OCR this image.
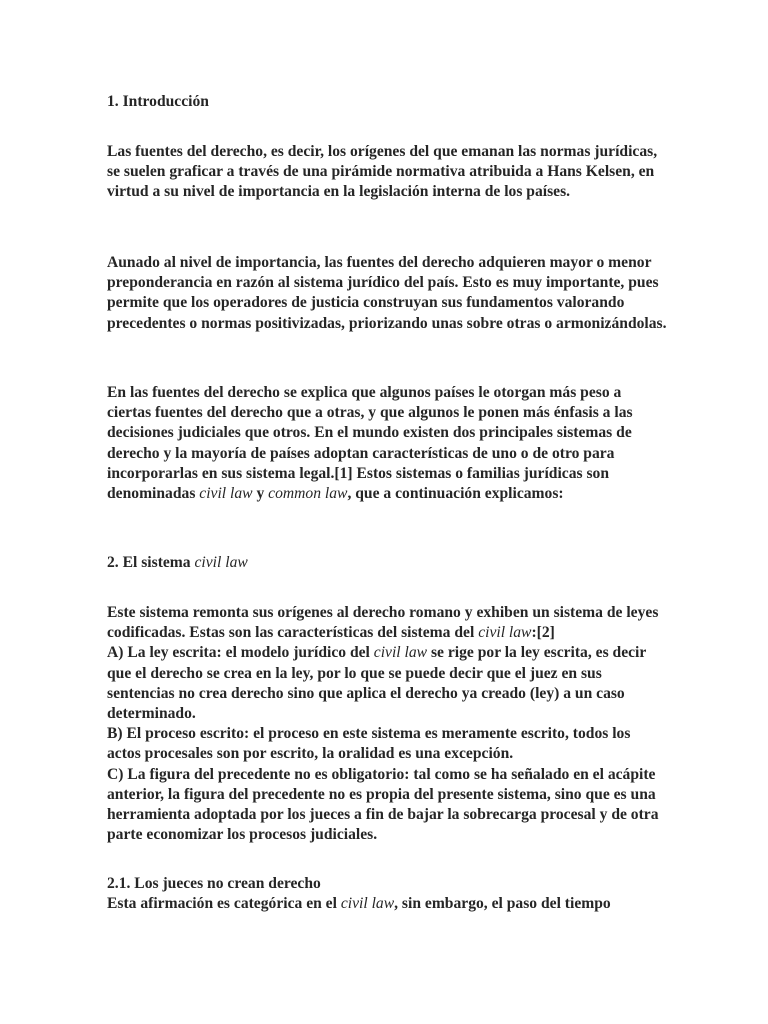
1. Introducción

Las fuentes del derecho, es decir, los orígenes del que emanan las normas jurídicas, se suelen graficar a través de una pirámide normativa atribuida a Hans Kelsen, en virtud a su nivel de importancia en la legislación interna de los países.

Aunado al nivel de importancia, las fuentes del derecho adquieren mayor o menor preponderancia en razón al sistema jurídico del país. Esto es muy importante, pues permite que los operadores de justicia construyan sus fundamentos valorando precedentes o normas positivizadas, priorizando unas sobre otras o armonizándolas.

En las fuentes del derecho se explica que algunos países le otorgan más peso a ciertas fuentes del derecho que a otras, y que algunos le ponen más énfasis a las decisiones judiciales que otros. En el mundo existen dos principales sistemas de derecho y la mayoría de países adoptan características de uno o de otro para incorporarlas en sus sistema legal.[1] Estos sistemas o familias jurídicas son denominadas civil law y common law, que a continuación explicamos:

2. El sistema civil law

Este sistema remonta sus orígenes al derecho romano y exhiben un sistema de leyes codificadas. Estas son las características del sistema del civil law:[2]

A) La ley escrita: el modelo jurídico del civil law se rige por la ley escrita, es decir que el derecho se crea en la ley, por lo que se puede decir que el juez en sus sentencias no crea derecho sino que aplica el derecho ya creado (ley) a un caso determinado.

B) El proceso escrito: el proceso en este sistema es meramente escrito, todos los actos procesales son por escrito, la oralidad es una excepción.

C) La figura del precedente no es obligatorio: tal como se ha señalado en el acápite anterior, la figura del precedente no es propia del presente sistema, sino que es una herramienta adoptada por los jueces a fin de bajar la sobrecarga procesal y de otra parte economizar los procesos judiciales.

2.1. Los jueces no crean derecho

Esta afirmación es categórica en el civil law, sin embargo, el paso del tiempo
